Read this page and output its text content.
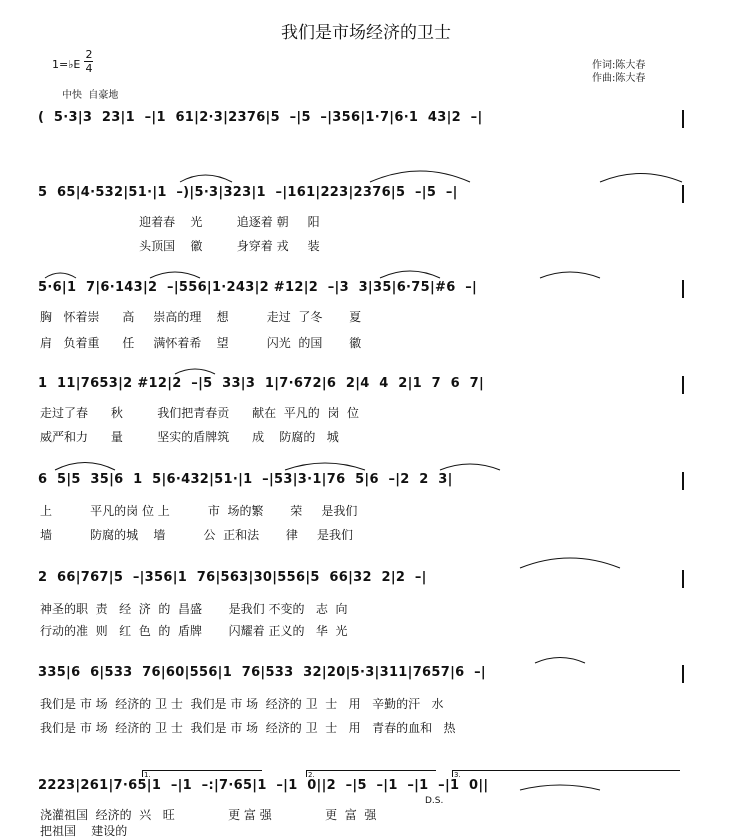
我们是市场经济的卫士
1=♭E
2
4
中快  自豪地
作词:陈大春
作曲:陈大春
(  5·3|3  23|1  –|1  61|2·3|2376|5  –|5  –|356|1·7|6·1  43|2  –|
5  65|4·532|51·|1  –)|5·3|323|1  –|161|223|2376|5  –|5  –|
迎着春    光         追逐着 朝     阳
头顶国    徽         身穿着 戎     装
5·6|1  7|6·143|2  –|556|1·243|2 #12|2  –|3  3|35|6·75|#6  –|
胸   怀着崇      高     崇高的理    想          走过  了冬       夏
肩   负着重      任     满怀着希    望          闪光  的国       徽
1  11|7653|2 #12|2  –|5  33|3  1|7·672|6  2|4  4  2|1  7  6  7|
走过了春      秋         我们把青春贡      献在  平凡的  岗  位
威严和力      量         坚实的盾牌筑      成    防腐的   城
6  5|5  35|6  1  5|6·432|51·|1  –|53|3·1|76  5|6  –|2  2  3|
上          平凡的岗 位 上          市  场的繁       荣     是我们
墙          防腐的城    墙          公  正和法       律     是我们
2  66|767|5  –|356|1  76|563|30|556|5  66|32  2|2  –|
神圣的职  责   经  济  的  昌盛       是我们 不变的   志  向
行动的准  则   红  色  的  盾牌       闪耀着 正义的   华  光
335|6  6|533  76|60|556|1  76|533  32|20|5·3|311|7657|6  –|
我们是 市 场  经济的 卫 士  我们是 市 场  经济的 卫  士   用   辛勤的汗   水
我们是 市 场  经济的 卫 士  我们是 市 场  经济的 卫  士   用   青春的血和   热
1.	2.	3.
2223|261|7·65|1  –|1  –:|7·65|1  –|1  0||2  –|5  –|1  –|1  –|1  0||
D.S.
浇灌祖国  经济的  兴   旺              更 富 强              更  富  强
把祖国    建设的
